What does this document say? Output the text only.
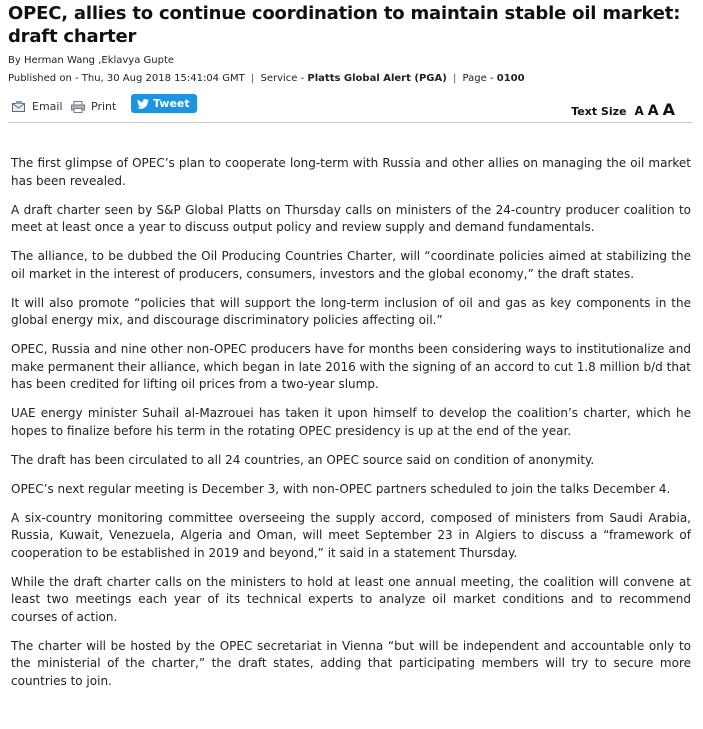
OPEC, allies to continue coordination to maintain stable oil market: draft charter
By Herman Wang ,Eklavya Gupte
Published on - Thu, 30 Aug 2018 15:41:04 GMT | Service - Platts Global Alert (PGA) | Page - 0100
Email	Print	Tweet
Text Size A A A

The first glimpse of OPEC’s plan to cooperate long-term with Russia and other allies on managing the oil market has been revealed.

A draft charter seen by S&P Global Platts on Thursday calls on ministers of the 24-country producer coalition to meet at least once a year to discuss output policy and review supply and demand fundamentals.

The alliance, to be dubbed the Oil Producing Countries Charter, will “coordinate policies aimed at stabilizing the oil market in the interest of producers, consumers, investors and the global economy,” the draft states.

It will also promote “policies that will support the long-term inclusion of oil and gas as key components in the global energy mix, and discourage discriminatory policies affecting oil.”

OPEC, Russia and nine other non-OPEC producers have for months been considering ways to institutionalize and make permanent their alliance, which began in late 2016 with the signing of an accord to cut 1.8 million b/d that has been credited for lifting oil prices from a two-year slump.

UAE energy minister Suhail al-Mazrouei has taken it upon himself to develop the coalition’s charter, which he hopes to finalize before his term in the rotating OPEC presidency is up at the end of the year.

The draft has been circulated to all 24 countries, an OPEC source said on condition of anonymity.

OPEC’s next regular meeting is December 3, with non-OPEC partners scheduled to join the talks December 4.

A six-country monitoring committee overseeing the supply accord, composed of ministers from Saudi Arabia, Russia, Kuwait, Venezuela, Algeria and Oman, will meet September 23 in Algiers to discuss a “framework of cooperation to be established in 2019 and beyond,” it said in a statement Thursday.

While the draft charter calls on the ministers to hold at least one annual meeting, the coalition will convene at least two meetings each year of its technical experts to analyze oil market conditions and to recommend courses of action.

The charter will be hosted by the OPEC secretariat in Vienna “but will be independent and accountable only to the ministerial of the charter,” the draft states, adding that participating members will try to secure more countries to join.
